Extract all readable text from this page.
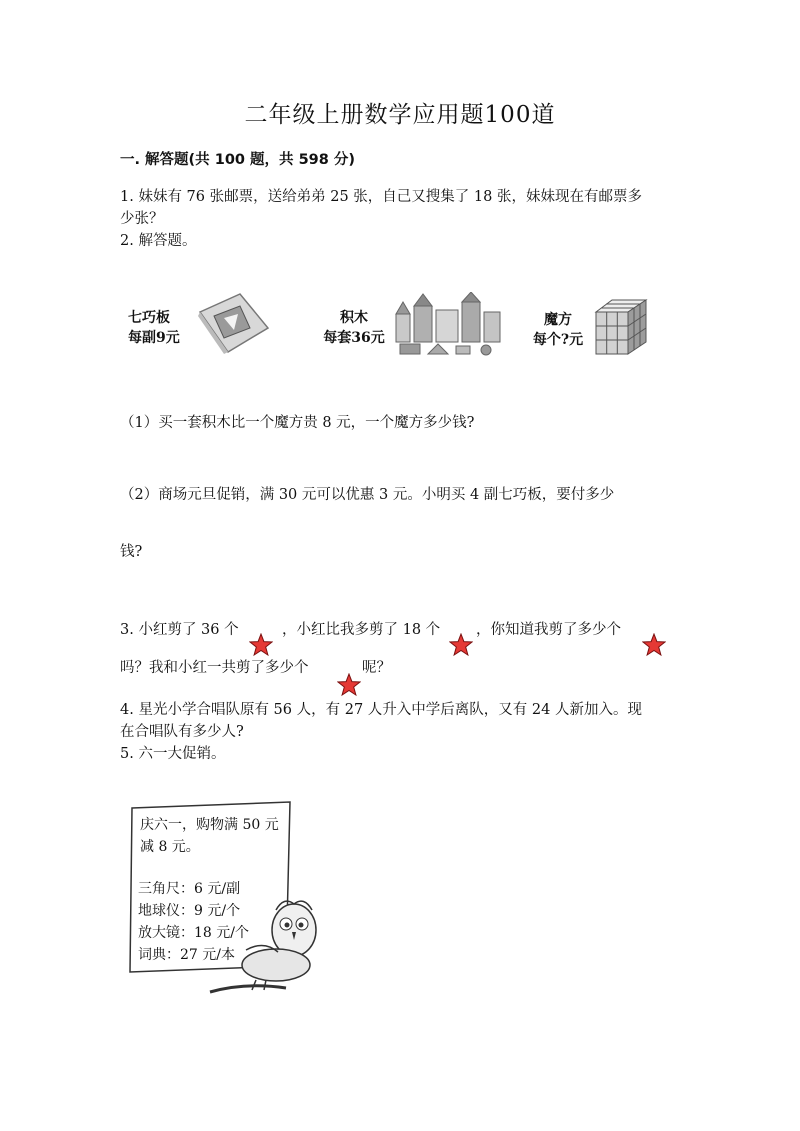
二年级上册数学应用题100道
一. 解答题(共 100 题，共 598 分)
1. 妹妹有 76 张邮票，送给弟弟 25 张，自己又搜集了 18 张，妹妹现在有邮票多
少张？
2. 解答题。
七巧板
每副9元
积木
每套36元
魔方
每个?元
（1）买一套积木比一个魔方贵 8 元，一个魔方多少钱?
（2）商场元旦促销，满 30 元可以优惠 3 元。小明买 4 副七巧板，要付多少
钱?
3. 小红剪了 36 个	，小红比我多剪了 18 个 ，你知道我剪了多少个
吗？我和小红一共剪了多少个	呢？
4. 星光小学合唱队原有 56 人，有 27 人升入中学后离队，又有 24 人新加入。现
在合唱队有多少人?
5. 六一大促销。
庆六一，购物满 50 元
减 8 元。
三角尺：6 元/副
地球仪：9 元/个
放大镜：18 元/个
词典：27 元/本
